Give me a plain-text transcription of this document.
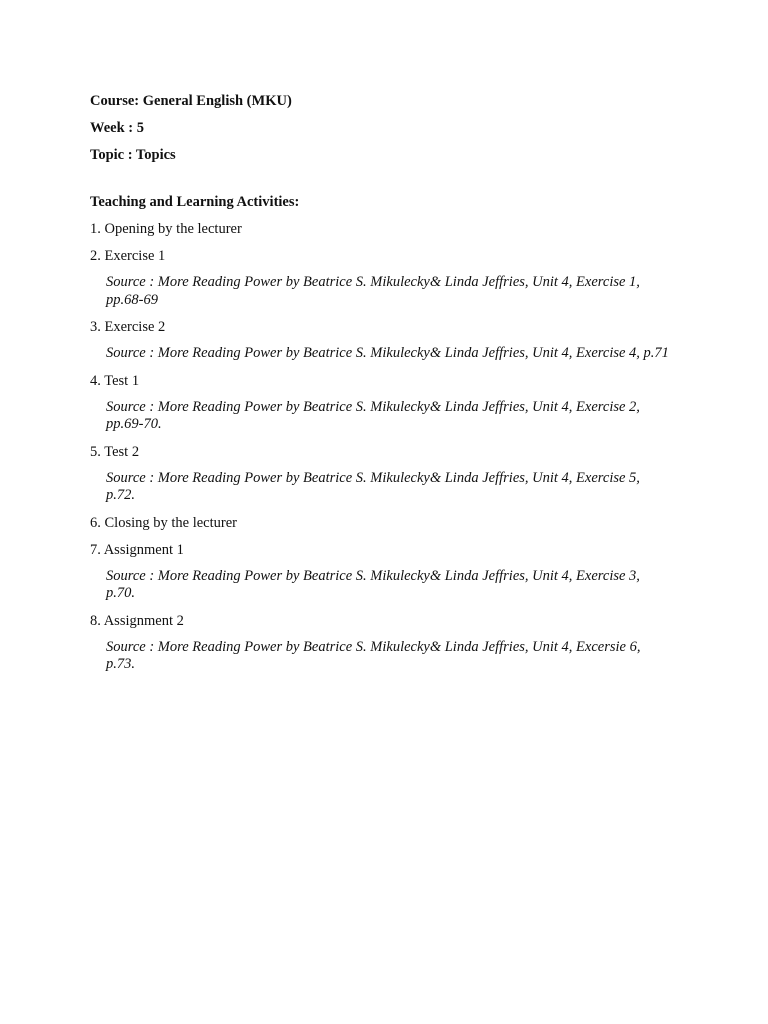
Course: General English (MKU)
Week : 5
Topic : Topics
Teaching and Learning Activities:
1. Opening by the lecturer
2. Exercise 1
Source : More Reading Power by Beatrice S. Mikulecky& Linda Jeffries, Unit 4, Exercise 1, pp.68-69
3. Exercise 2
Source : More Reading Power by Beatrice S. Mikulecky& Linda Jeffries, Unit 4, Exercise 4, p.71
4. Test 1
Source : More Reading Power by Beatrice S. Mikulecky& Linda Jeffries, Unit 4, Exercise 2, pp.69-70.
5. Test 2
Source : More Reading Power by Beatrice S. Mikulecky& Linda Jeffries, Unit 4, Exercise 5, p.72.
6. Closing by the lecturer
7. Assignment 1
Source : More Reading Power by Beatrice S. Mikulecky& Linda Jeffries, Unit 4, Exercise 3, p.70.
8. Assignment 2
Source : More Reading Power by Beatrice S. Mikulecky& Linda Jeffries, Unit 4, Excersie 6, p.73.
